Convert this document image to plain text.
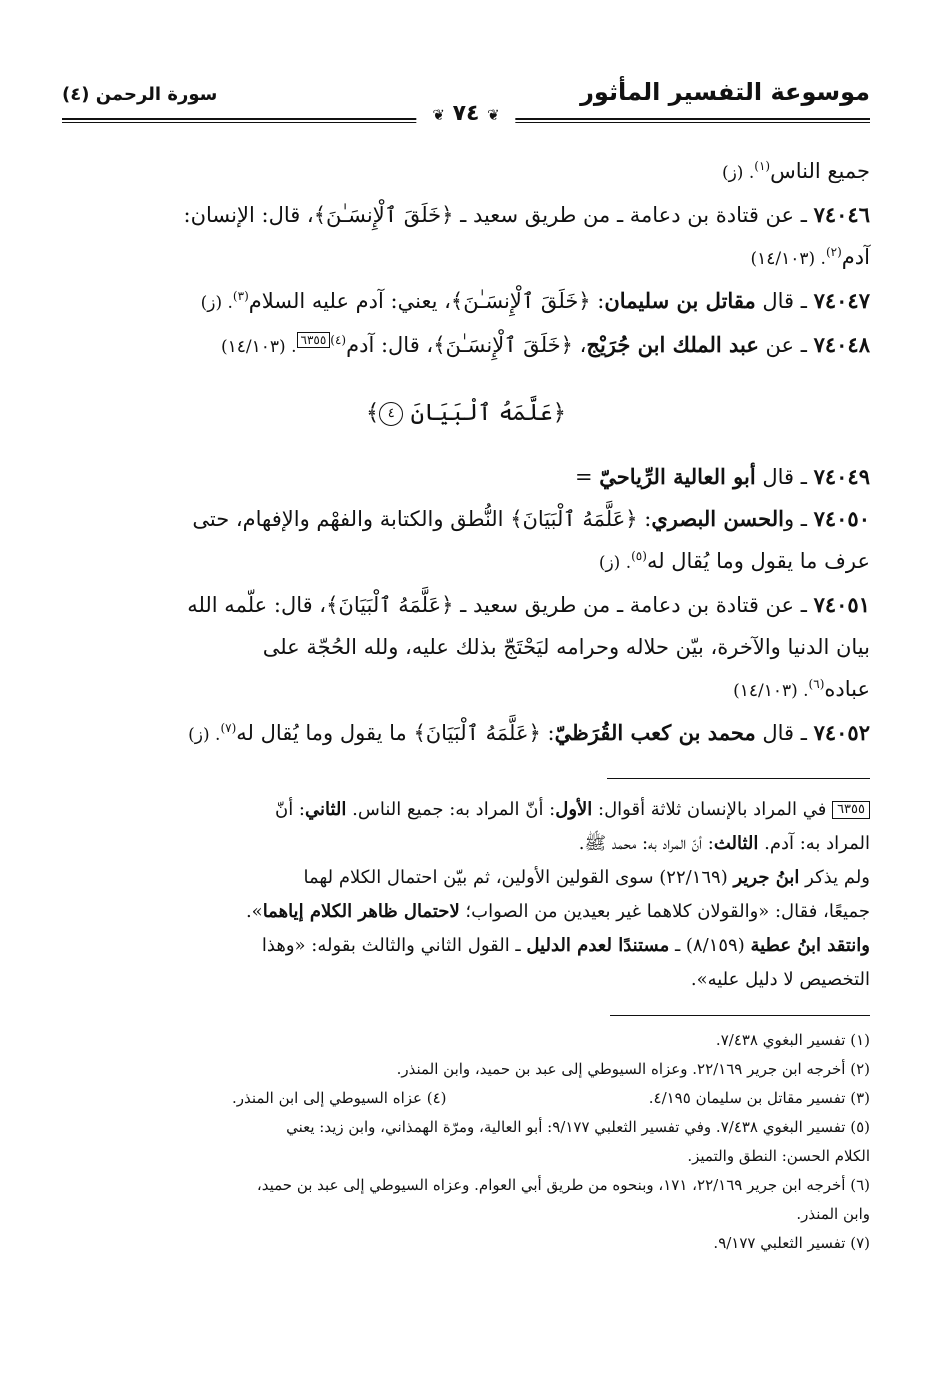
موسوعة التفسير المأثور
سورة الرحمن (٤)
❦ ٧٤ ❦

جميع الناس$^{(١)}$. (ز)

٧٤٠٤٦ ـ عن قتادة بن دعامة ـ من طريق سعيد ـ ﴿خَلَقَ ٱلْإِنسَـٰنَ﴾، قال: الإنسان:

آدم$^{(٢)}$. (١٤/١٠٣)

٧٤٠٤٧ ـ قال مقاتل بن سليمان: ﴿خَلَقَ ٱلْإِنسَـٰنَ﴾، يعني: آدم عليه السلام$^{(٣)}$. (ز)

٧٤٠٤٨ ـ عن عبد الملك ابن جُرَيْج، ﴿خَلَقَ ٱلْإِنسَـٰنَ﴾، قال: آدم$^{(٤)}$٦٣٥٥. (١٤/١٠٣)

﴿عَلَّمَهُ ٱلْبَيَانَ ٤﴾

٧٤٠٤٩ ـ قال أبو العالية الرِّياحيّ =

٧٤٠٥٠ ـ والحسن البصري: ﴿عَلَّمَهُ ٱلْبَيَانَ﴾ النُّطق والكتابة والفهْم والإفهام، حتى

عرف ما يقول وما يُقال له$^{(٥)}$. (ز)

٧٤٠٥١ ـ عن قتادة بن دعامة ـ من طريق سعيد ـ ﴿عَلَّمَهُ ٱلْبَيَانَ﴾، قال: علّمه الله

بيان الدنيا والآخرة، بيّن حلاله وحرامه ليَحْتَجّ بذلك عليه، ولله الحُجّة على

عباده$^{(٦)}$. (١٤/١٠٣)

٧٤٠٥٢ ـ قال محمد بن كعب القُرَظيّ: ﴿عَلَّمَهُ ٱلْبَيَانَ﴾ ما يقول وما يُقال له$^{(٧)}$. (ز)

٦٣٥٥ في المراد بالإنسان ثلاثة أقوال: الأول: أنّ المراد به: جميع الناس. الثاني: أنّ

المراد به: آدم. الثالث: أنّ المراد به: محمد ﷺ.

ولم يذكر ابنُ جرير (٢٢/١٦٩) سوى القولين الأولين، ثم بيّن احتمال الكلام لهما

جميعًا، فقال: «والقولان كلاهما غير بعيدين من الصواب؛ لاحتمال ظاهر الكلام إياهما».

وانتقد ابنُ عطية (٨/١٥٩) ـ مستندًا لعدم الدليل ـ القول الثاني والثالث بقوله: «وهذا

التخصيص لا دليل عليه».

(١) تفسير البغوي ٧/٤٣٨.

(٢) أخرجه ابن جرير ٢٢/١٦٩. وعزاه السيوطي إلى عبد بن حميد، وابن المنذر.

(٣) تفسير مقاتل بن سليمان ٤/١٩٥.
(٤) عزاه السيوطي إلى ابن المنذر.

(٥) تفسير البغوي ٧/٤٣٨. وفي تفسير الثعلبي ٩/١٧٧: أبو العالية، ومرّة الهمذاني، وابن زيد: يعني

الكلام الحسن: النطق والتميز.

(٦) أخرجه ابن جرير ٢٢/١٦٩، ١٧١، وبنحوه من طريق أبي العوام. وعزاه السيوطي إلى عبد بن حميد،

وابن المنذر.

(٧) تفسير الثعلبي ٩/١٧٧.
